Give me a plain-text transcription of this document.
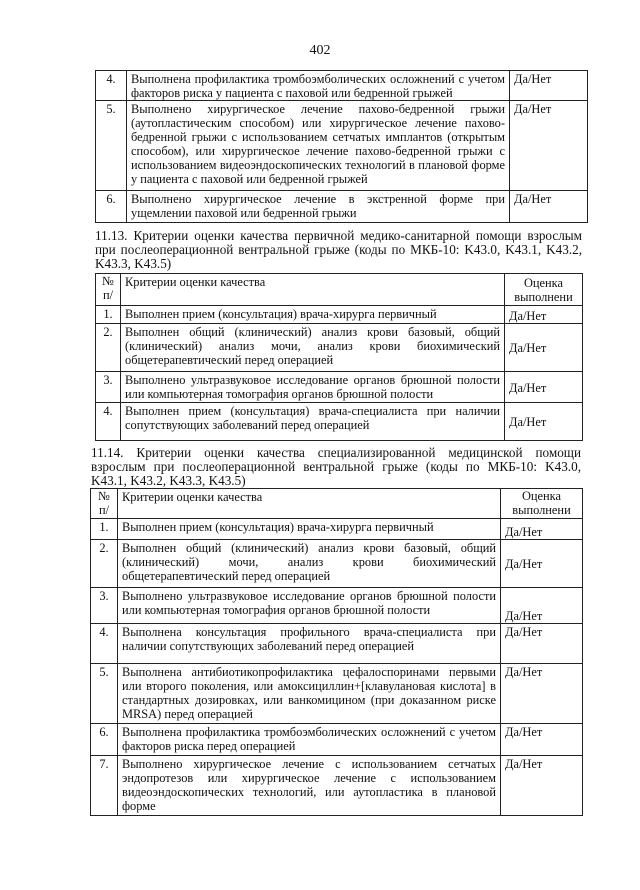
402
4.	Выполнена профилактика тромбоэмболических осложнений с учетом факторов риска у пациента с паховой или бедренной грыжей	Да/Нет
5.	Выполнено хирургическое лечение пахово-бедренной грыжи (аутопластическим способом) или хирургическое лечение пахово-бедренной грыжи с использованием сетчатых имплантов (открытым способом), или хирургическое лечение пахово-бедренной грыжи с использованием видеоэндоскопических технологий в плановой форме у пациента с паховой или бедренной грыжей	Да/Нет
6.	Выполнено хирургическое лечение в экстренной форме при ущемлении паховой или бедренной грыжи	Да/Нет
11.13. Критерии оценки качества первичной медико-санитарной помощи взрослым при послеоперационной вентральной грыже (коды по МКБ-10: K43.0, K43.1, K43.2, K43.3, K43.5)
№ п/	Критерии оценки качества	Оценка выполнени
1.	Выполнен прием (консультация) врача-хирурга первичный	Да/Нет
2.	Выполнен общий (клинический) анализ крови базовый, общий (клинический) анализ мочи, анализ крови биохимический общетерапевтический перед операцией	Да/Нет
3.	Выполнено ультразвуковое исследование органов брюшной полости или компьютерная томография органов брюшной полости	Да/Нет
4.	Выполнен прием (консультация) врача-специалиста при наличии сопутствующих заболеваний перед операцией	Да/Нет
11.14. Критерии оценки качества специализированной медицинской помощи взрослым при послеоперационной вентральной грыже (коды по МКБ-10: K43.0, K43.1, K43.2, K43.3, K43.5)
№ п/	Критерии оценки качества	Оценка выполнени
1.	Выполнен прием (консультация) врача-хирурга первичный	Да/Нет
2.	Выполнен общий (клинический) анализ крови базовый, общий (клинический) мочи, анализ крови биохимический общетерапевтический перед операцией	Да/Нет
3.	Выполнено ультразвуковое исследование органов брюшной полости или компьютерная томография органов брюшной полости	Да/Нет
4.	Выполнена консультация профильного врача-специалиста при наличии сопутствующих заболеваний перед операцией	Да/Нет
5.	Выполнена антибиотикопрофилактика цефалоспоринами первыми или второго поколения, или амоксициллин+[клавулановая кислота] в стандартных дозировках, или ванкомицином (при доказанном риске MRSA) перед операцией	Да/Нет
6.	Выполнена профилактика тромбоэмболических осложнений с учетом факторов риска перед операцией	Да/Нет
7.	Выполнено хирургическое лечение с использованием сетчатых эндопротезов или хирургическое лечение с использованием видеоэндоскопических технологий, или аутопластика в плановой форме	Да/Нет
